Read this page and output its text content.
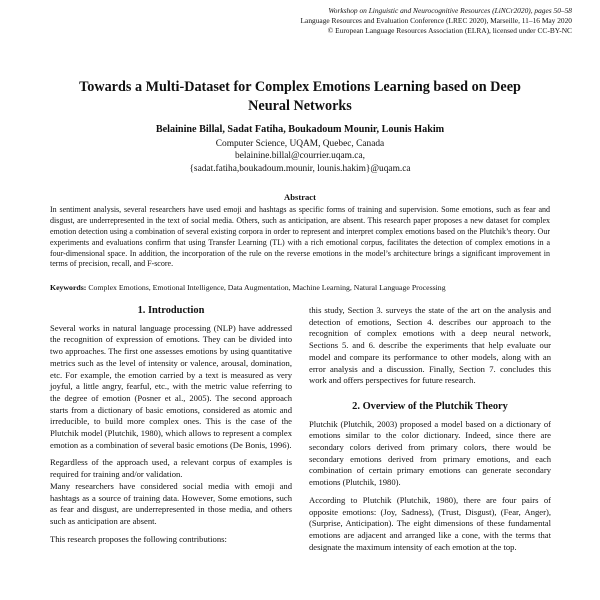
Workshop on Linguistic and Neurocognitive Resources (LiNCr2020), pages 50–58
Language Resources and Evaluation Conference (LREC 2020), Marseille, 11–16 May 2020
© European Language Resources Association (ELRA), licensed under CC-BY-NC
Towards a Multi-Dataset for Complex Emotions Learning based on Deep Neural Networks
Belainine Billal, Sadat Fatiha, Boukadoum Mounir, Lounis Hakim
Computer Science, UQAM, Quebec, Canada
belainine.billal@courrier.uqam.ca,
{sadat.fatiha,boukadoum.mounir, lounis.hakim}@uqam.ca
Abstract

In sentiment analysis, several researchers have used emoji and hashtags as specific forms of training and supervision. Some emotions, such as fear and disgust, are underrepresented in the text of social media. Others, such as anticipation, are absent. This research paper proposes a new dataset for complex emotion detection using a combination of several existing corpora in order to represent and interpret complex emotions based on the Plutchik’s theory. Our experiments and evaluations confirm that using Transfer Learning (TL) with a rich emotional corpus, facilitates the detection of complex emotions in a four-dimensional space. In addition, the incorporation of the rule on the reverse emotions in the model’s architecture brings a significant improvement in terms of precision, recall, and F-score.

Keywords: Complex Emotions, Emotional Intelligence, Data Augmentation, Machine Learning, Natural Language Processing
1. Introduction

Several works in natural language processing (NLP) have addressed the recognition of expression of emotions. They can be divided into two approaches. The first one assesses emotions by using quantitative metrics such as the level of intensity or valence, arousal, domination, etc. For example, the emotion carried by a text is measured as very joyful, a little angry, fearful, etc., with the metric value referring to the degree of emotion (Posner et al., 2005). The second approach starts from a dictionary of basic emotions, considered as atomic and irreducible, to build more complex ones. This is the case of the Plutchik model (Plutchik, 1980), which allows to represent a complex emotion as a combination of several basic emotions (De Bonis, 1996).

Regardless of the approach used, a relevant corpus of examples is required for training and/or validation.

Many researchers have considered social media with emoji and hashtags as a source of training data. However, Some emotions, such as fear and disgust, are underrepresented in those media, and others such as anticipation are absent.

This research proposes the following contributions:

this study, Section 3. surveys the state of the art on the analysis and detection of emotions, Section 4. describes our approach to the recognition of complex emotions with a deep neural network, Sections 5. and 6. describe the experiments that help evaluate our model and compare its performance to other models, along with an error analysis and a discussion. Finally, Section 7. concludes this work and offers perspectives for future research.

2. Overview of the Plutchik Theory

Plutchik (Plutchik, 2003) proposed a model based on a dictionary of emotions similar to the color dictionary. Indeed, since there are secondary colors derived from primary colors, there would be secondary emotions derived from primary emotions, and each combination of certain primary emotions can generate secondary emotions (Plutchik, 1980).

According to Plutchik (Plutchik, 1980), there are four pairs of opposite emotions: (Joy, Sadness), (Trust, Disgust), (Fear, Anger), (Surprise, Anticipation). The eight dimensions of these fundamental emotions are adjacent and arranged like a cone, with the terms that designate the maximum intensity of each emotion at the top.
